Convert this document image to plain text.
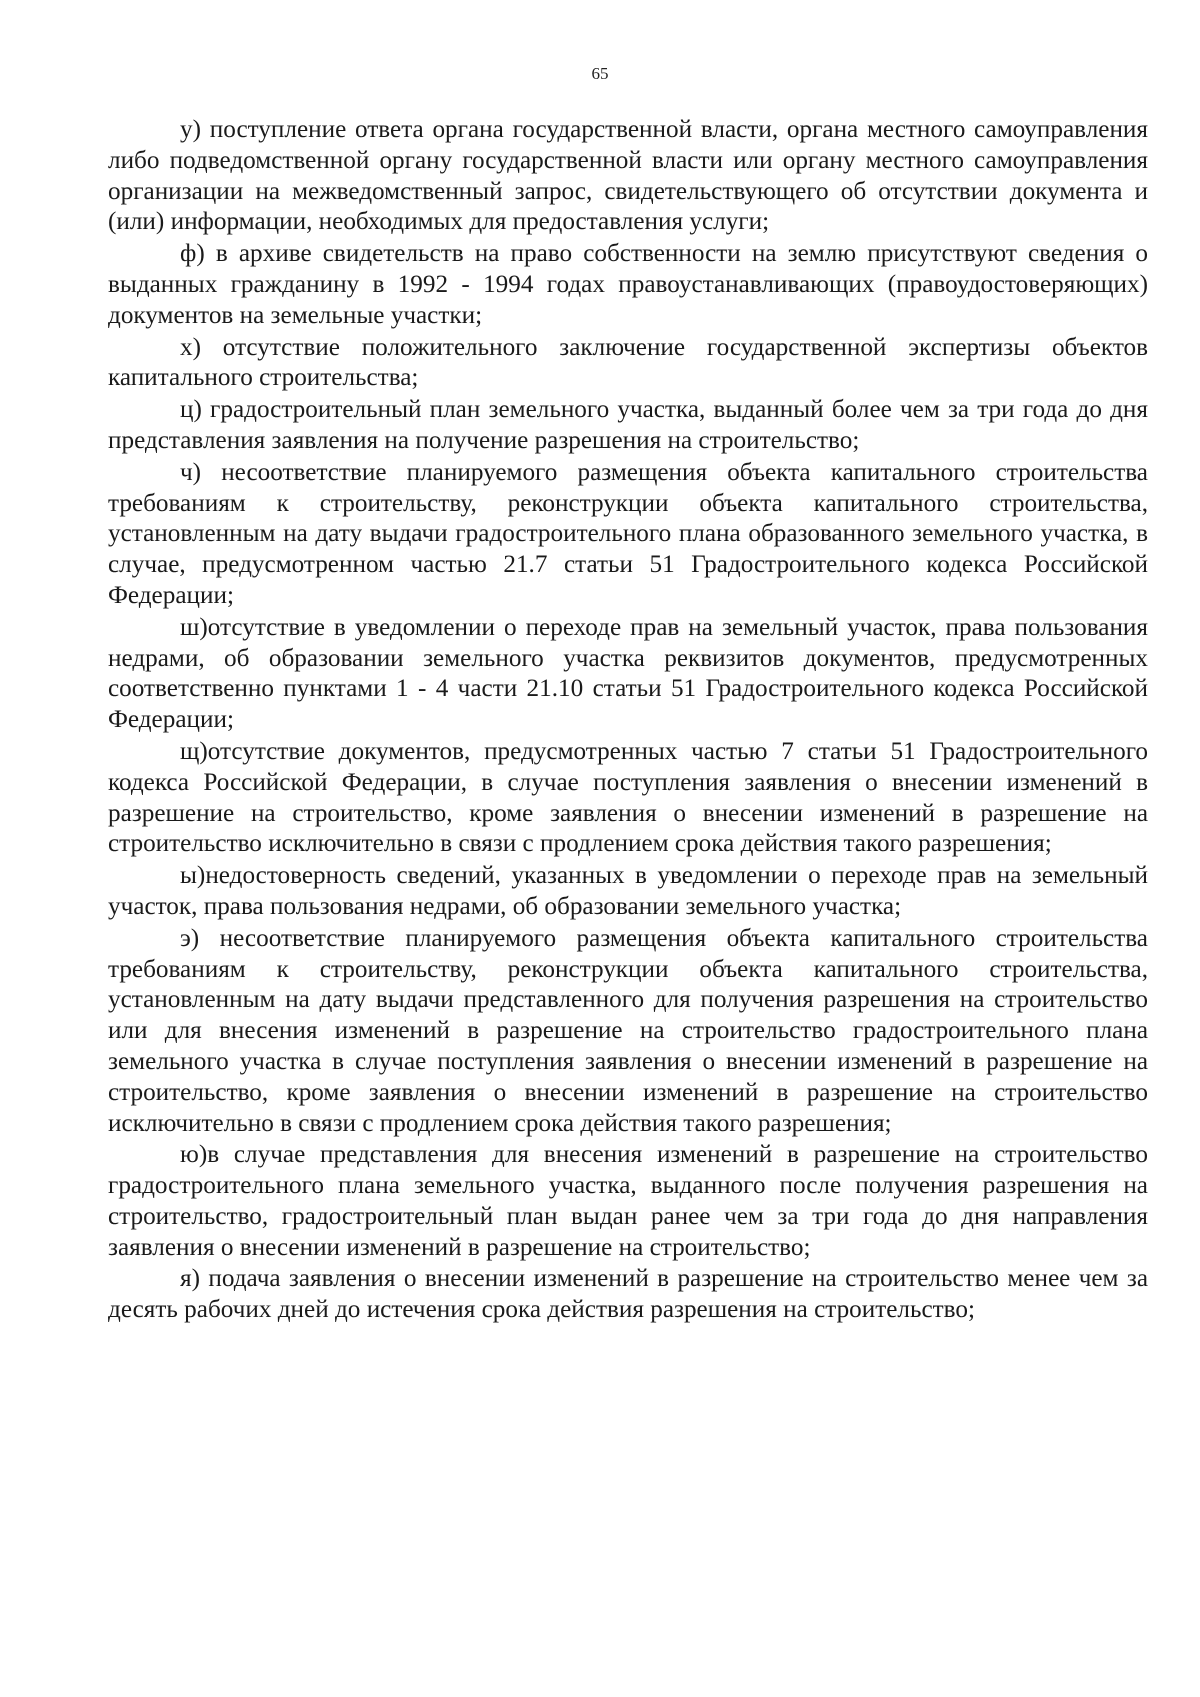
65

у) поступление ответа органа государственной власти, органа местного самоуправления либо подведомственной органу государственной власти или органу местного самоуправления организации на межведомственный запрос, свидетельствующего об отсутствии документа и (или) информации, необходимых для предоставления услуги;

ф) в архиве свидетельств на право собственности на землю присутствуют сведения о выданных гражданину в 1992 - 1994 годах правоустанавливающих (правоудостоверяющих) документов на земельные участки;

х) отсутствие положительного заключение государственной экспертизы объектов капитального строительства;

ц) градостроительный план земельного участка, выданный более чем за три года до дня представления заявления на получение разрешения на строительство;

ч) несоответствие планируемого размещения объекта капитального строительства требованиям к строительству, реконструкции объекта капитального строительства, установленным на дату выдачи градостроительного плана образованного земельного участка, в случае, предусмотренном частью 21.7 статьи 51 Градостроительного кодекса Российской Федерации;

ш)отсутствие в уведомлении о переходе прав на земельный участок, права пользования недрами, об образовании земельного участка реквизитов документов, предусмотренных соответственно пунктами 1 - 4 части 21.10 статьи 51 Градостроительного кодекса Российской Федерации;

щ)отсутствие документов, предусмотренных частью 7 статьи 51 Градостроительного кодекса Российской Федерации, в случае поступления заявления о внесении изменений в разрешение на строительство, кроме заявления о внесении изменений в разрешение на строительство исключительно в связи с продлением срока действия такого разрешения;

ы)недостоверность сведений, указанных в уведомлении о переходе прав на земельный участок, права пользования недрами, об образовании земельного участка;

э) несоответствие планируемого размещения объекта капитального строительства требованиям к строительству, реконструкции объекта капитального строительства, установленным на дату выдачи представленного для получения разрешения на строительство или для внесения изменений в разрешение на строительство градостроительного плана земельного участка в случае поступления заявления о внесении изменений в разрешение на строительство, кроме заявления о внесении изменений в разрешение на строительство исключительно в связи с продлением срока действия такого разрешения;

ю)в случае представления для внесения изменений в разрешение на строительство градостроительного плана земельного участка, выданного после получения разрешения на строительство, градостроительный план выдан ранее чем за три года до дня направления заявления о внесении изменений в разрешение на строительство;

я) подача заявления о внесении изменений в разрешение на строительство менее чем за десять рабочих дней до истечения срока действия разрешения на строительство;
